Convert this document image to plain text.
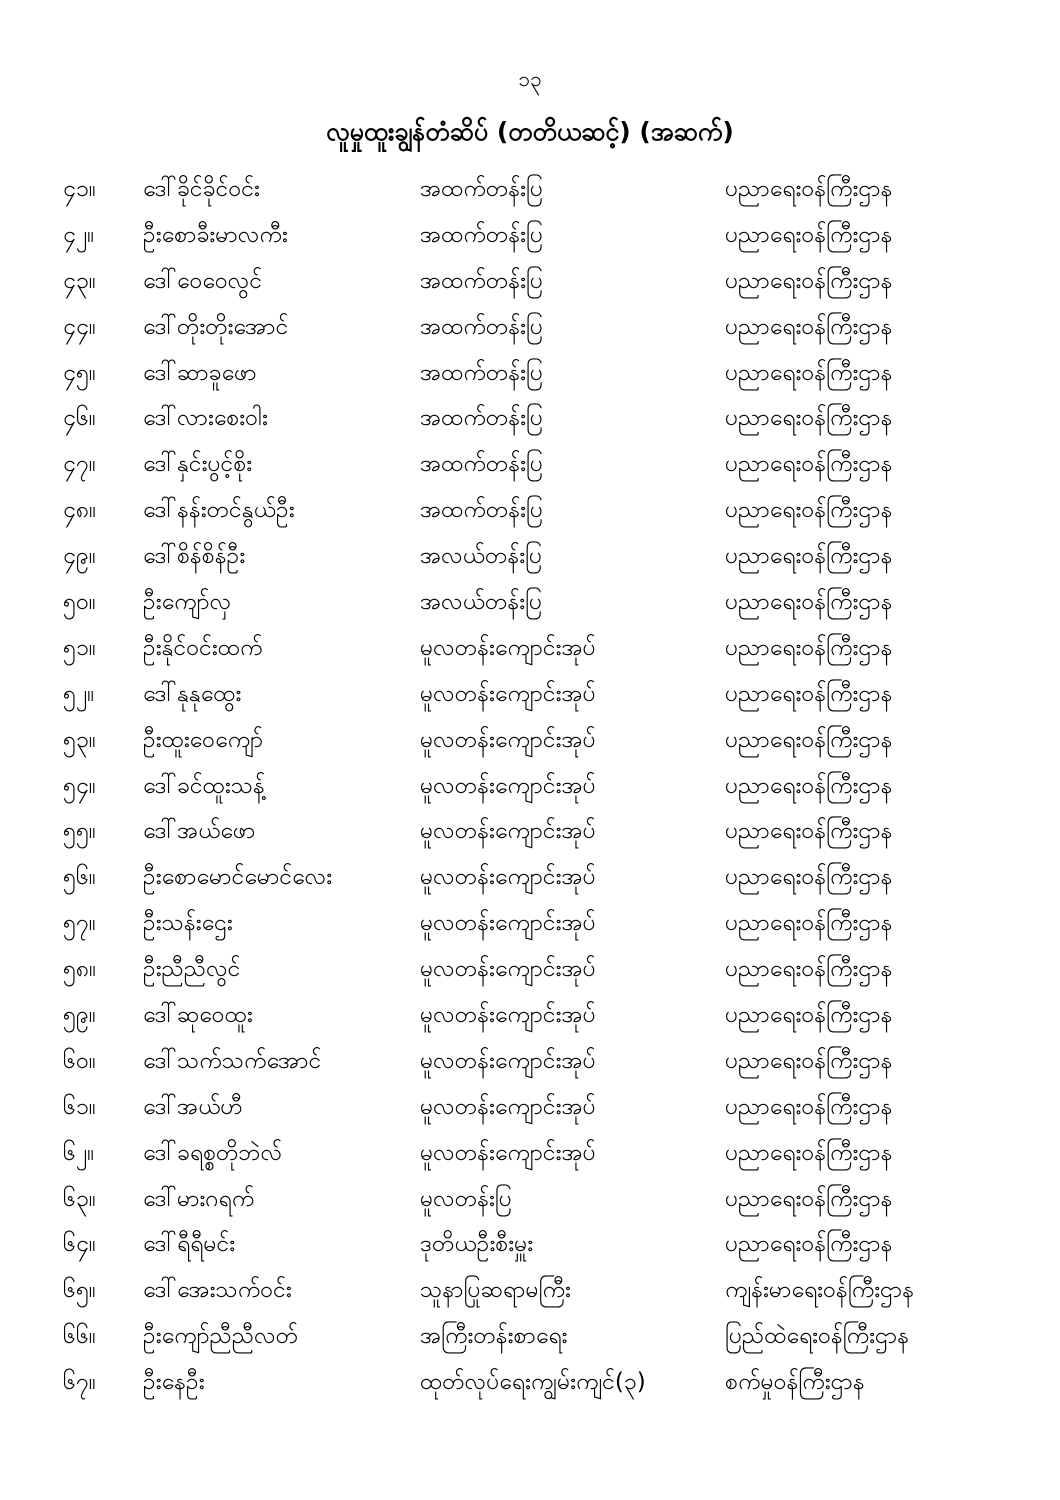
၁၃
လူမှုထူးချွန်တံဆိပ် (တတိယဆင့်) (အဆက်)
၄၁။	ဒေါ်ခိုင်ခိုင်ဝင်း	အထက်တန်းပြ	ပညာရေးဝန်ကြီးဌာန
၄၂။	ဦးစောခီးမာလကီး	အထက်တန်းပြ	ပညာရေးဝန်ကြီးဌာန
၄၃။	ဒေါ်ဝေဝေလွင်	အထက်တန်းပြ	ပညာရေးဝန်ကြီးဌာန
၄၄။	ဒေါ်တိုးတိုးအောင်	အထက်တန်းပြ	ပညာရေးဝန်ကြီးဌာန
၄၅။	ဒေါ်ဆာခူဖော	အထက်တန်းပြ	ပညာရေးဝန်ကြီးဌာန
၄၆။	ဒေါ်လားစေးဝါး	အထက်တန်းပြ	ပညာရေးဝန်ကြီးဌာန
၄၇။	ဒေါ်နှင်းပွင့်စိုး	အထက်တန်းပြ	ပညာရေးဝန်ကြီးဌာန
၄၈။	ဒေါ်နန်းတင်နွယ်ဦး	အထက်တန်းပြ	ပညာရေးဝန်ကြီးဌာန
၄၉။	ဒေါ်စိန်စိန်ဦး	အလယ်တန်းပြ	ပညာရေးဝန်ကြီးဌာန
၅၀။	ဦးကျော်လှ	အလယ်တန်းပြ	ပညာရေးဝန်ကြီးဌာန
၅၁။	ဦးနိုင်ဝင်းထက်	မူလတန်းကျောင်းအုပ်	ပညာရေးဝန်ကြီးဌာန
၅၂။	ဒေါ်နုနုထွေး	မူလတန်းကျောင်းအုပ်	ပညာရေးဝန်ကြီးဌာန
၅၃။	ဦးထူးဝေကျော်	မူလတန်းကျောင်းအုပ်	ပညာရေးဝန်ကြီးဌာန
၅၄။	ဒေါ်ခင်ထူးသန့်	မူလတန်းကျောင်းအုပ်	ပညာရေးဝန်ကြီးဌာန
၅၅။	ဒေါ်အယ်ဖော	မူလတန်းကျောင်းအုပ်	ပညာရေးဝန်ကြီးဌာန
၅၆။	ဦးစောမောင်မောင်လေး	မူလတန်းကျောင်းအုပ်	ပညာရေးဝန်ကြီးဌာန
၅၇။	ဦးသန်းဌေး	မူလတန်းကျောင်းအုပ်	ပညာရေးဝန်ကြီးဌာန
၅၈။	ဦးညီညီလွင်	မူလတန်းကျောင်းအုပ်	ပညာရေးဝန်ကြီးဌာန
၅၉။	ဒေါ်ဆုဝေထူး	မူလတန်းကျောင်းအုပ်	ပညာရေးဝန်ကြီးဌာန
၆၀။	ဒေါ်သက်သက်အောင်	မူလတန်းကျောင်းအုပ်	ပညာရေးဝန်ကြီးဌာန
၆၁။	ဒေါ်အယ်ဟီ	မူလတန်းကျောင်းအုပ်	ပညာရေးဝန်ကြီးဌာန
၆၂။	ဒေါ်ခရစ္စတိုဘဲလ်	မူလတန်းကျောင်းအုပ်	ပညာရေးဝန်ကြီးဌာန
၆၃။	ဒေါ်မားဂရက်	မူလတန်းပြ	ပညာရေးဝန်ကြီးဌာန
၆၄။	ဒေါ်ရီရီမင်း	ဒုတိယဦးစီးမှူး	ပညာရေးဝန်ကြီးဌာန
၆၅။	ဒေါ်အေးသက်ဝင်း	သူနာပြုဆရာမကြီး	ကျန်းမာရေးဝန်ကြီးဌာန
၆၆။	ဦးကျော်ညီညီလတ်	အကြီးတန်းစာရေး	ပြည်ထဲရေးဝန်ကြီးဌာန
၆၇။	ဦးနေဦး	ထုတ်လုပ်ရေးကျွမ်းကျင်(၃)	စက်မှုဝန်ကြီးဌာန
